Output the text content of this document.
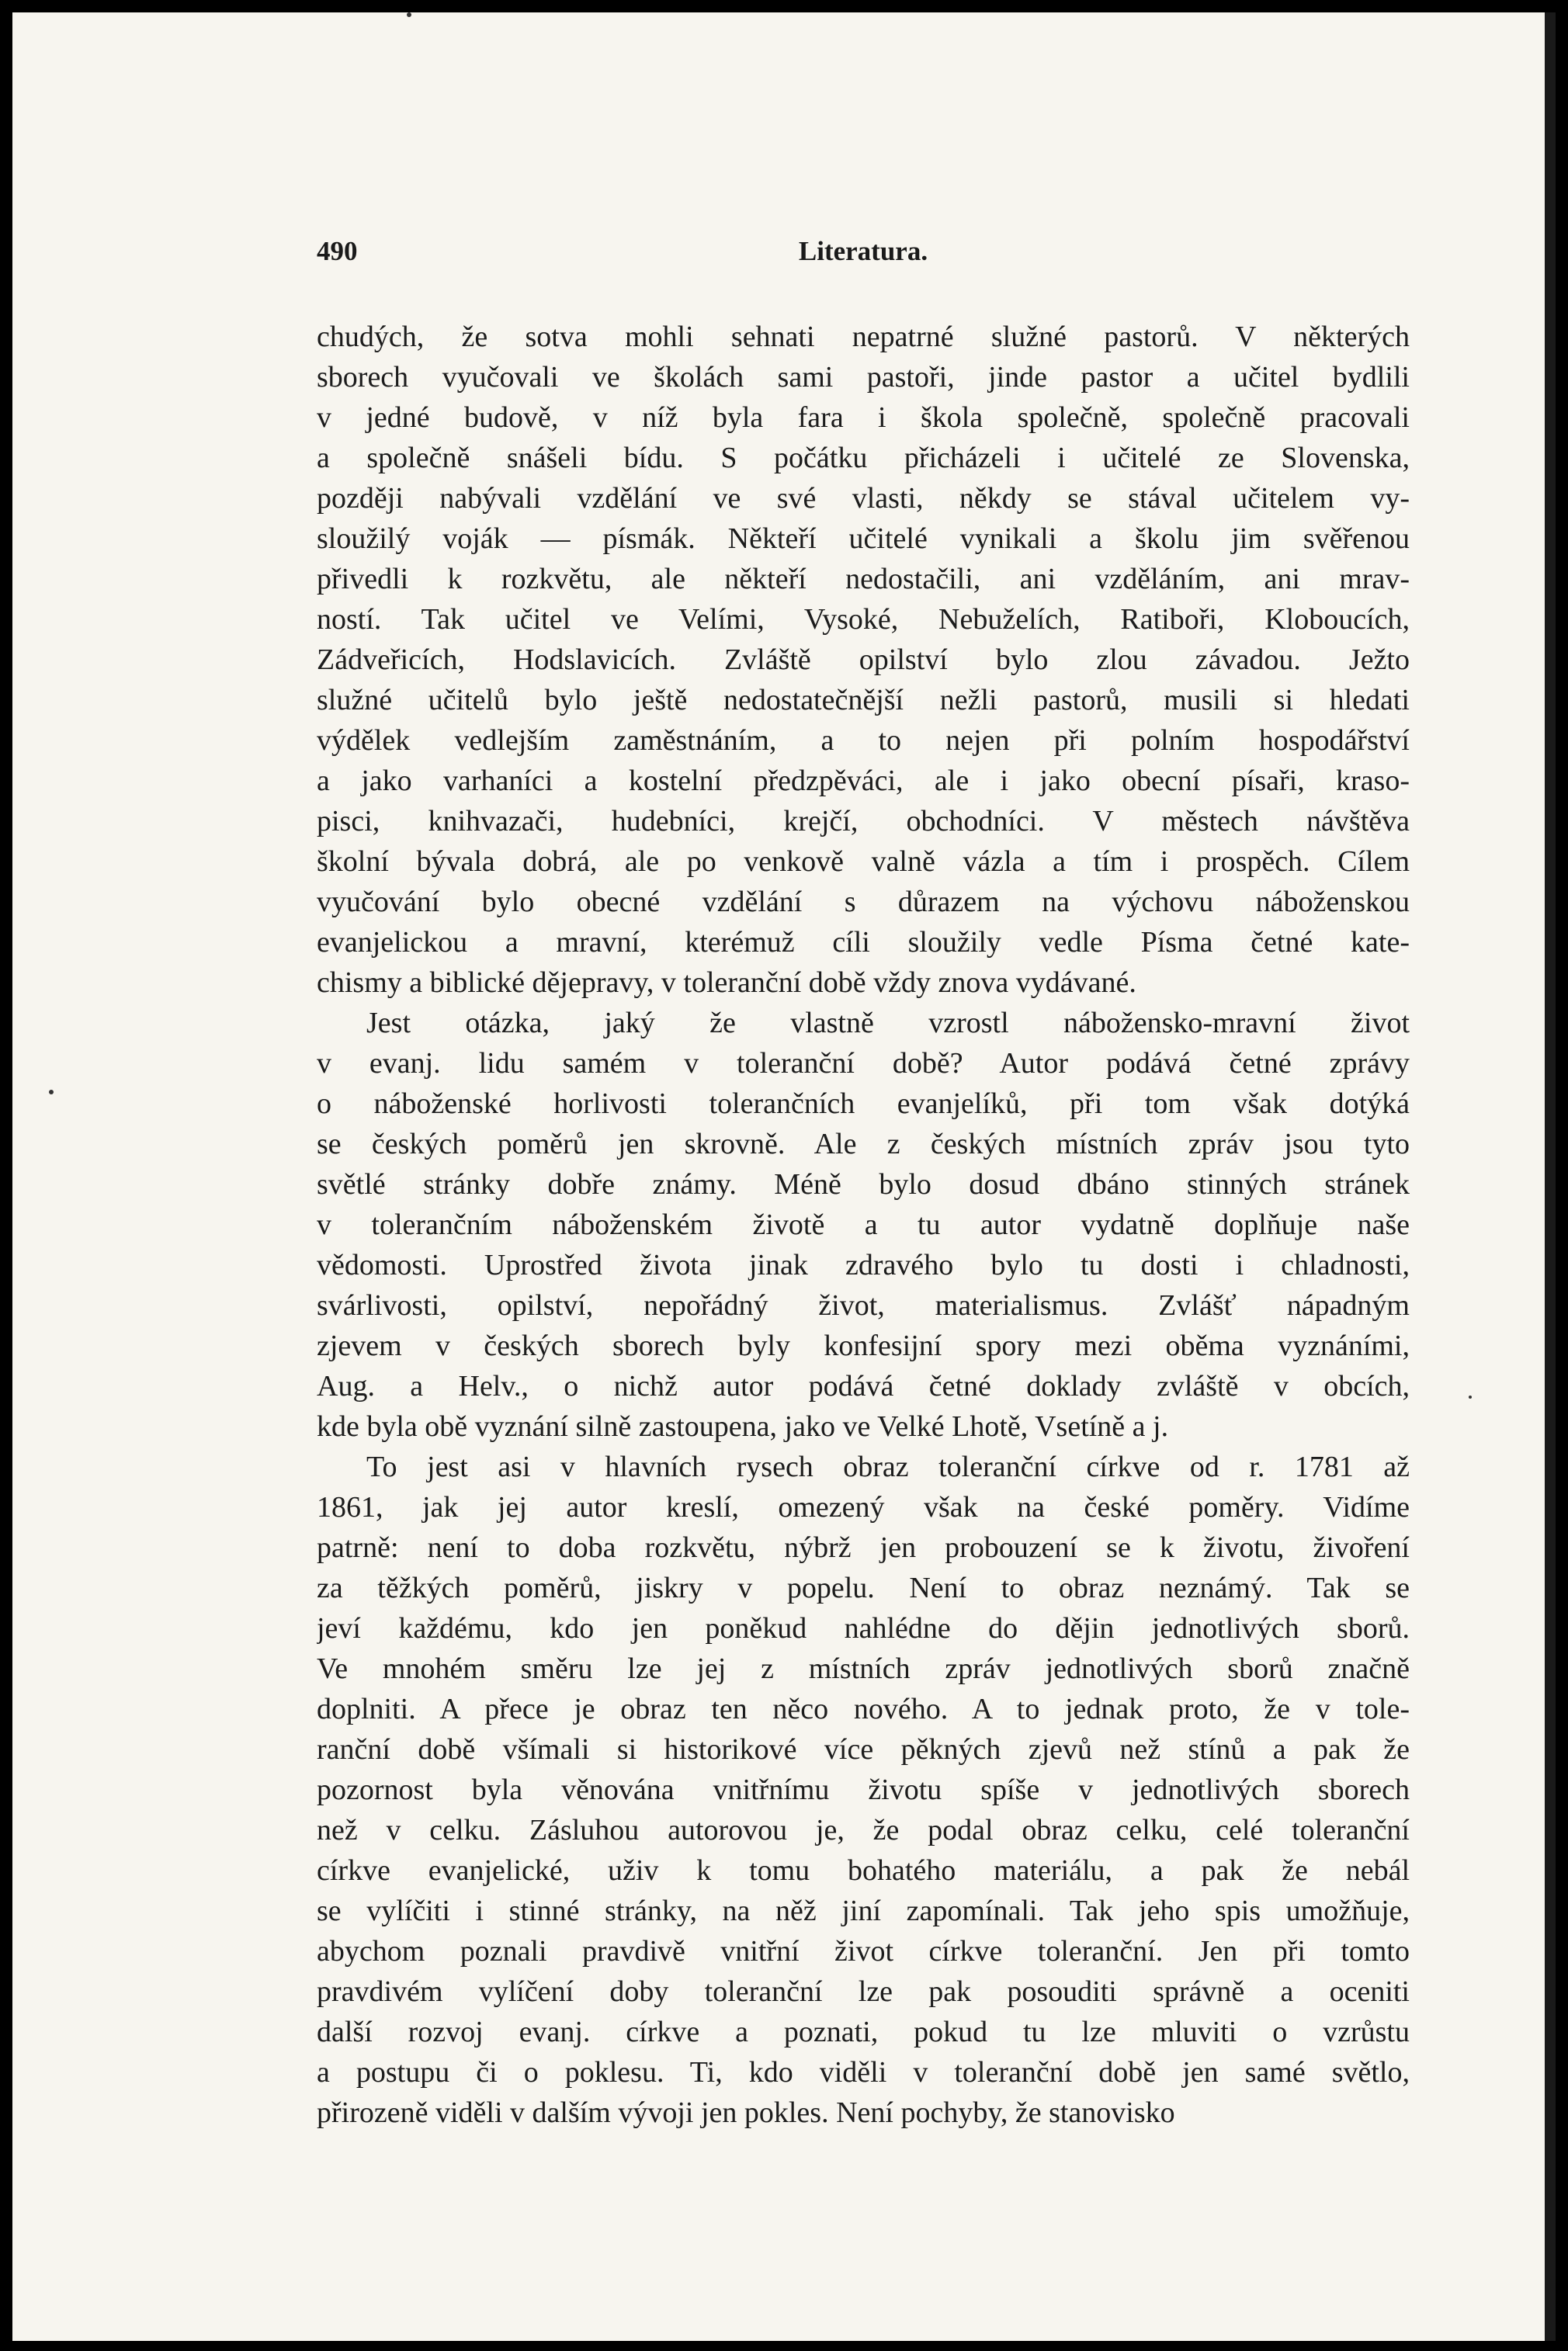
490	Literatura.
chudých, že sotva mohli sehnati nepatrné služné pastorů. V některých
sborech vyučovali ve školách sami pastoři, jinde pastor a učitel bydlili
v jedné budově, v níž byla fara i škola společně, společně pracovali
a společně snášeli bídu. S počátku přicházeli i učitelé ze Slovenska,
později nabývali vzdělání ve své vlasti, někdy se stával učitelem vy-
sloužilý voják — písmák. Někteří učitelé vynikali a školu jim svěřenou
přivedli k rozkvětu, ale někteří nedostačili, ani vzděláním, ani mrav-
ností. Tak učitel ve Velími, Vysoké, Nebuželích, Ratiboři, Kloboucích,
Zádveřicích, Hodslavicích. Zvláště opilství bylo zlou závadou. Ježto
služné učitelů bylo ještě nedostatečnější nežli pastorů, musili si hledati
výdělek vedlejším zaměstnáním, a to nejen při polním hospodářství
a jako varhaníci a kostelní předzpěváci, ale i jako obecní písaři, kraso-
pisci, knihvazači, hudebníci, krejčí, obchodníci. V městech návštěva
školní bývala dobrá, ale po venkově valně vázla a tím i prospěch. Cílem
vyučování bylo obecné vzdělání s důrazem na výchovu náboženskou
evanjelickou a mravní, kterémuž cíli sloužily vedle Písma četné kate-
chismy a biblické dějepravy, v toleranční době vždy znova vydávané.
Jest otázka, jaký že vlastně vzrostl nábožensko-mravní život
v evanj. lidu samém v toleranční době? Autor podává četné zprávy
o náboženské horlivosti tolerančních evanjelíků, při tom však dotýká
se českých poměrů jen skrovně. Ale z českých místních zpráv jsou tyto
světlé stránky dobře známy. Méně bylo dosud dbáno stinných stránek
v tolerančním náboženském životě a tu autor vydatně doplňuje naše
vědomosti. Uprostřed života jinak zdravého bylo tu dosti i chladnosti,
svárlivosti, opilství, nepořádný život, materialismus. Zvlášť nápadným
zjevem v českých sborech byly konfesijní spory mezi oběma vyznáními,
Aug. a Helv., o nichž autor podává četné doklady zvláště v obcích,
kde byla obě vyznání silně zastoupena, jako ve Velké Lhotě, Vsetíně a j.
To jest asi v hlavních rysech obraz toleranční církve od r. 1781 až
1861, jak jej autor kreslí, omezený však na české poměry. Vidíme
patrně: není to doba rozkvětu, nýbrž jen probouzení se k životu, živoření
za těžkých poměrů, jiskry v popelu. Není to obraz neznámý. Tak se
jeví každému, kdo jen poněkud nahlédne do dějin jednotlivých sborů.
Ve mnohém směru lze jej z místních zpráv jednotlivých sborů značně
doplniti. A přece je obraz ten něco nového. A to jednak proto, že v tole-
ranční době všímali si historikové více pěkných zjevů než stínů a pak že
pozornost byla věnována vnitřnímu životu spíše v jednotlivých sborech
než v celku. Zásluhou autorovou je, že podal obraz celku, celé toleranční
církve evanjelické, uživ k tomu bohatého materiálu, a pak že nebál
se vylíčiti i stinné stránky, na něž jiní zapomínali. Tak jeho spis umožňuje,
abychom poznali pravdivě vnitřní život církve toleranční. Jen při tomto
pravdivém vylíčení doby toleranční lze pak posouditi správně a oceniti
další rozvoj evanj. církve a poznati, pokud tu lze mluviti o vzrůstu
a postupu či o poklesu. Ti, kdo viděli v toleranční době jen samé světlo,
přirozeně viděli v dalším vývoji jen pokles. Není pochyby, že stanovisko
